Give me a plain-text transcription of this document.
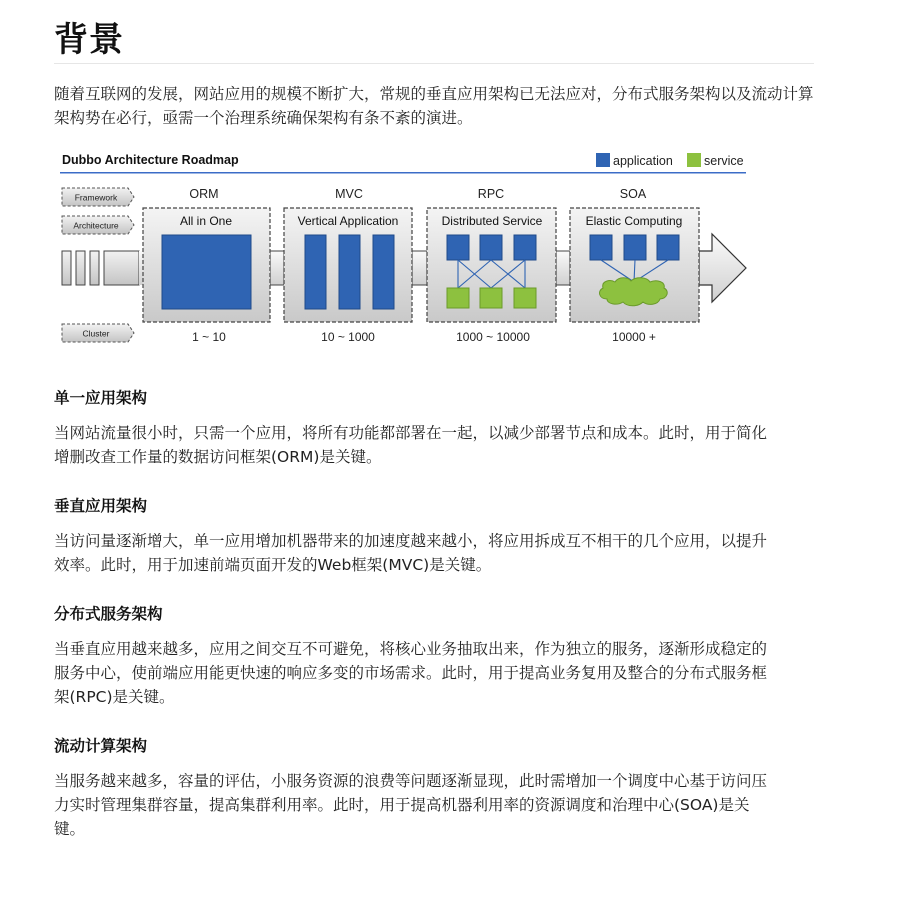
背景

随着互联网的发展，网站应用的规模不断扩大，常规的垂直应用架构已无法应对，分布式服务架构以及流动计算架构势在必行，亟需一个治理系统确保架构有条不紊的演进。

Dubbo Architecture Roadmap	application service
Framework
Architecture
Cluster
ORM
All in One
1 ~ 10
MVC
Vertical Application
10 ~ 1000
RPC
Distributed Service
1000 ~ 10000
SOA
Elastic Computing
10000 +
单一应用架构
当网站流量很小时，只需一个应用，将所有功能都部署在一起，以减少部署节点和成本。此时，用于简化
增删改查工作量的数据访问框架(ORM)是关键。
垂直应用架构
当访问量逐渐增大，单一应用增加机器带来的加速度越来越小，将应用拆成互不相干的几个应用，以提升
效率。此时，用于加速前端页面开发的Web框架(MVC)是关键。
分布式服务架构
当垂直应用越来越多，应用之间交互不可避免，将核心业务抽取出来，作为独立的服务，逐渐形成稳定的
服务中心，使前端应用能更快速的响应多变的市场需求。此时，用于提高业务复用及整合的分布式服务框
架(RPC)是关键。
流动计算架构
当服务越来越多，容量的评估，小服务资源的浪费等问题逐渐显现，此时需增加一个调度中心基于访问压
力实时管理集群容量，提高集群利用率。此时，用于提高机器利用率的资源调度和治理中心(SOA)是关
键。
